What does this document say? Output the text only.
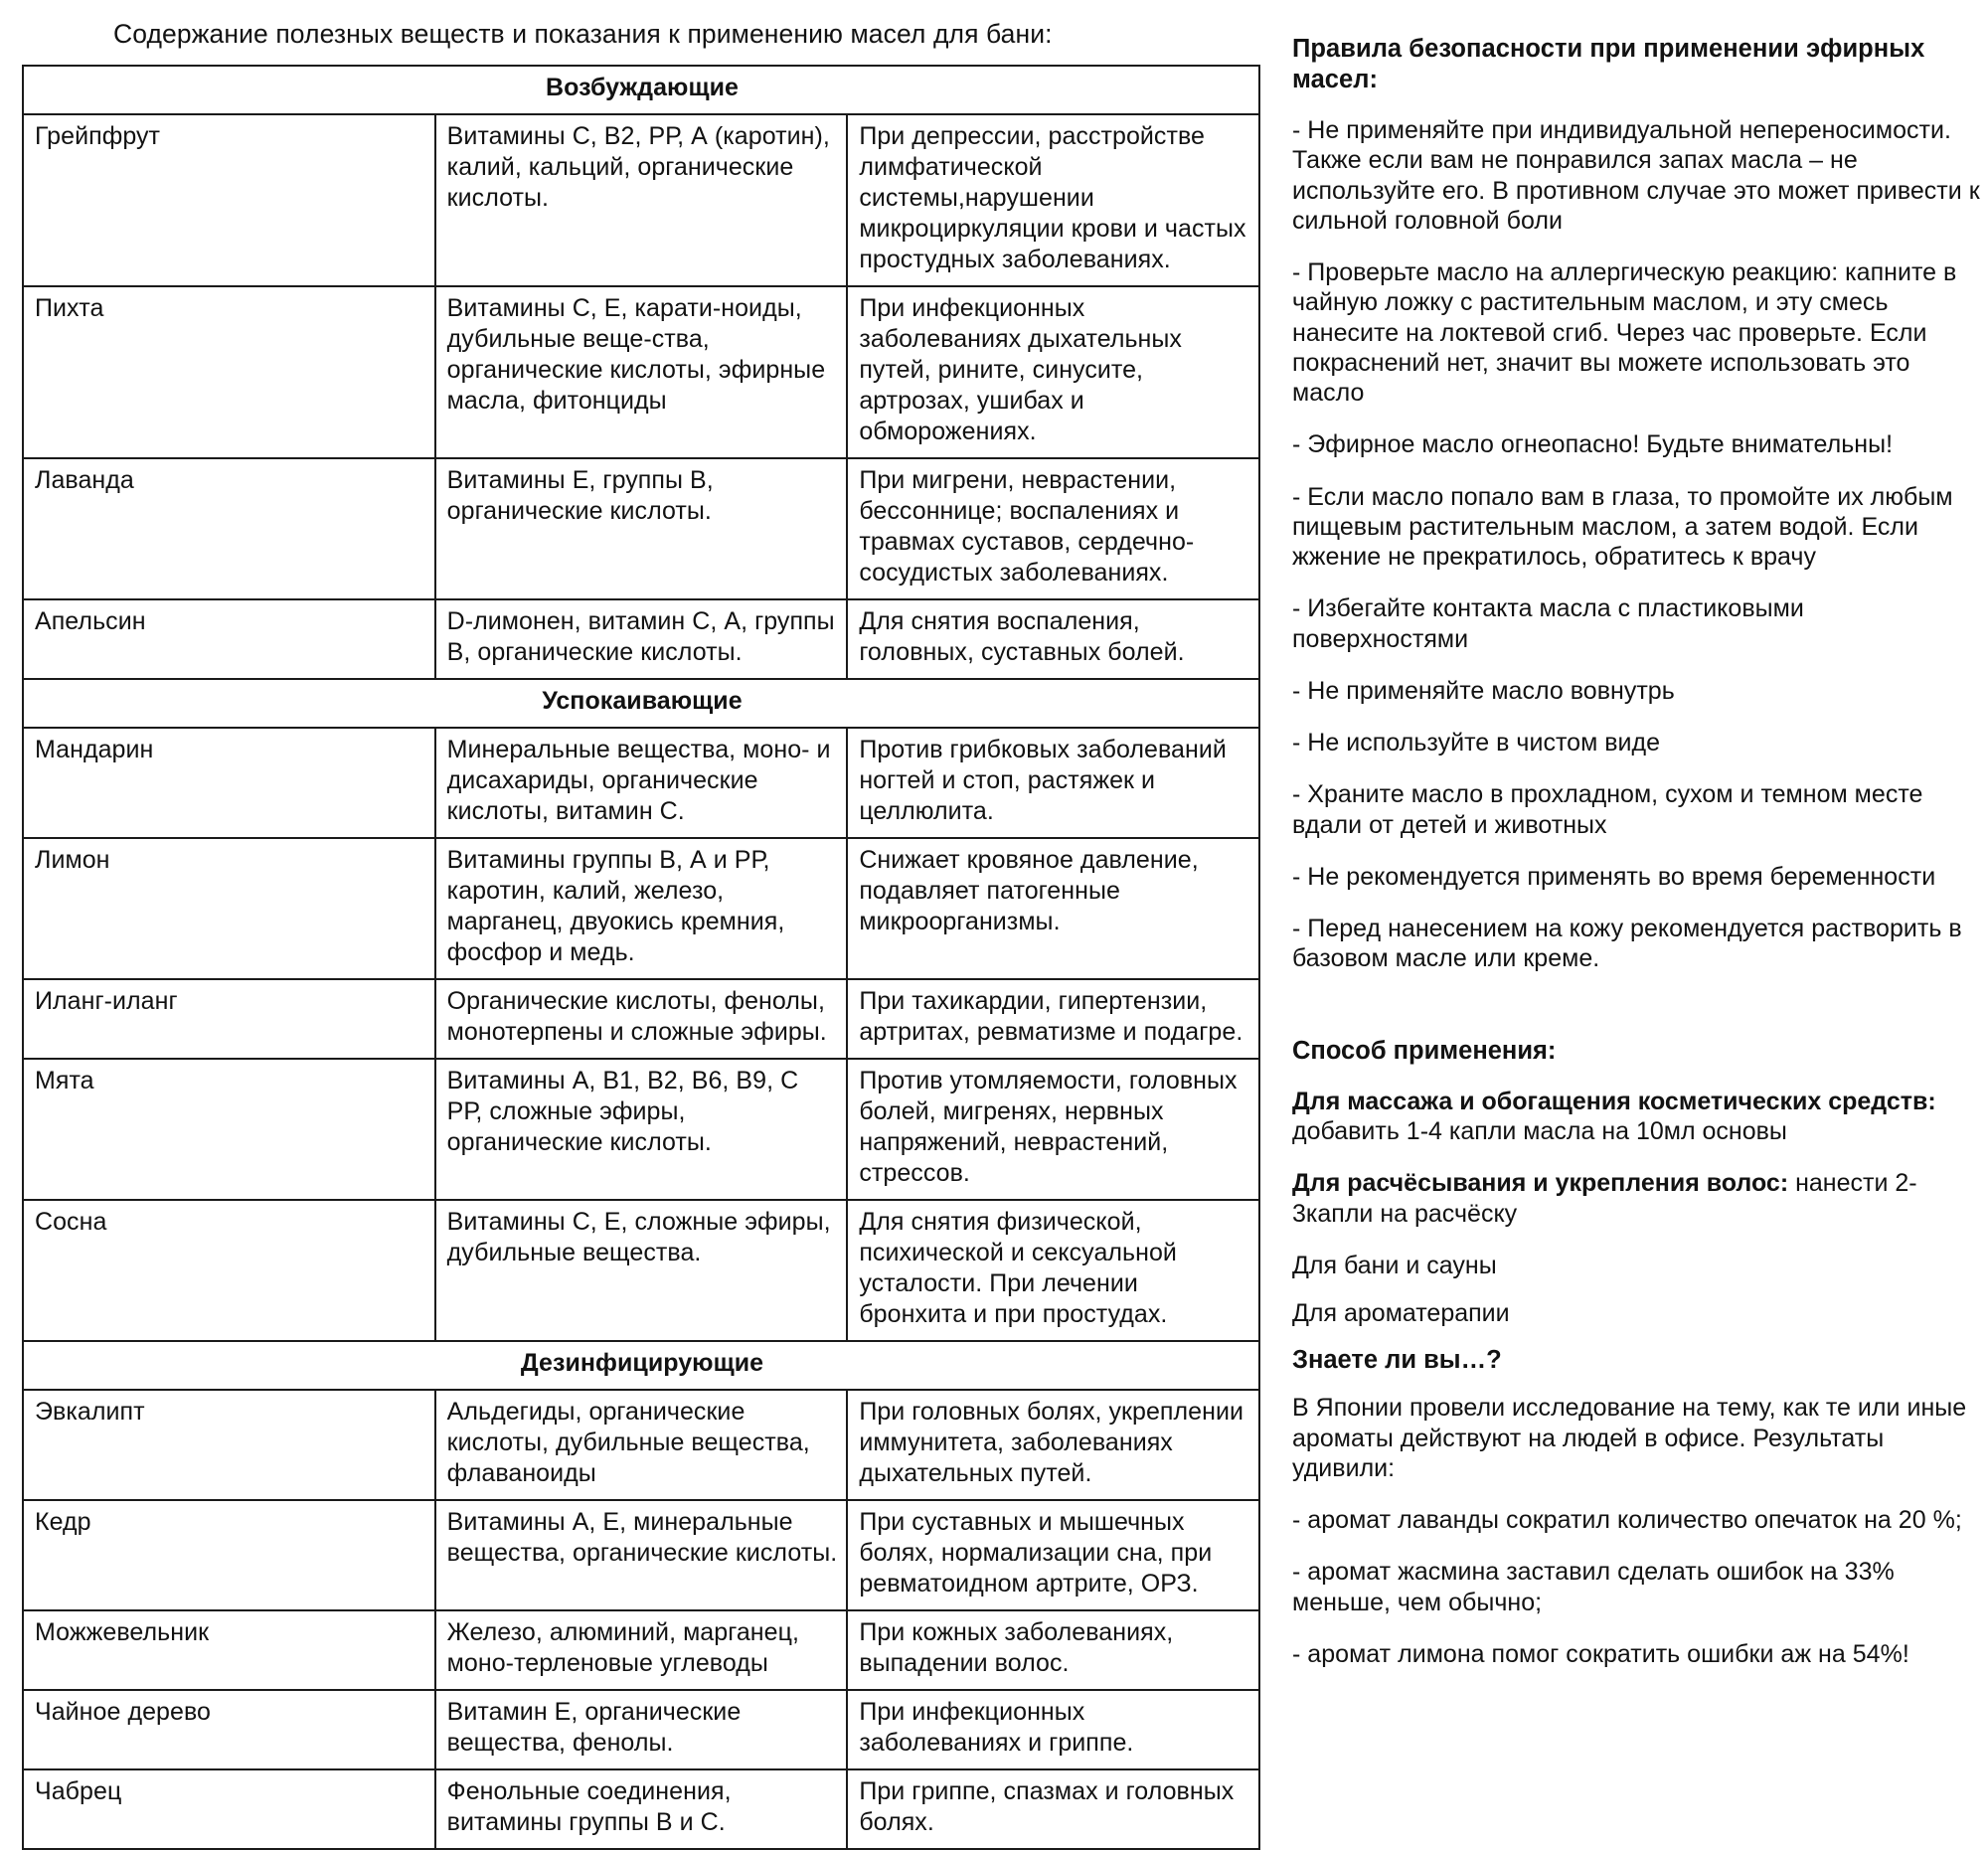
Содержание полезных веществ и показания к применению масел для бани:
Возбуждающие		
Грейпфрут	Витамины С, В2, РР, А (каротин), калий, кальций, органические кислоты.	При депрессии, расстройстве лимфатической системы,нарушении микроциркуляции крови и частых простудных заболеваниях.
Пихта	Витамины С, Е, карати-ноиды, дубильные веще-ства, органические кислоты, эфирные масла, фитонциды	При инфекционных заболеваниях дыхательных путей, рините, синусите, артрозах, ушибах и обморожениях.
Лаванда	Витамины Е, группы В, органические кислоты.	При мигрени, неврастении, бессоннице; воспалениях и травмах суставов, сердечно-сосудистых заболеваниях.
Апельсин	D-лимонен, витамин С, А, группы В, органические кислоты.	Для снятия воспаления, головных, суставных болей.
Успокаивающие		
Мандарин	Минеральные вещества, моно- и дисахариды, органические кислоты, витамин С.	Против грибковых заболеваний ногтей и стоп, растяжек и целлюлита.
Лимон	Витамины группы В, А и РР, каротин, калий, железо, марганец, двуокись кремния, фосфор и медь.	Снижает кровяное давление, подавляет патогенные микроорганизмы.
Иланг-иланг	Органические кислоты, фенолы, монотерпены и сложные эфиры.	При тахикардии, гипертензии, артритах, ревматизме и подагре.
Мята	Витамины А, В1, В2, В6, В9, С РР, сложные эфиры, органические кислоты.	Против утомляемости, головных болей, мигренях, нервных напряжений, неврастений, стрессов.
Сосна	Витамины С, Е, сложные эфиры, дубильные вещества.	Для снятия физической, психической и сексуальной усталости. При лечении бронхита и при простудах.
Дезинфицирующие		
Эвкалипт	Альдегиды, органические кислоты, дубильные вещества, флаваноиды	При головных болях, укреплении иммунитета, заболеваниях дыхательных путей.
Кедр	Витамины А, Е, минеральные вещества, органические кислоты.	При суставных и мышечных болях, нормализации сна, при ревматоидном артрите, ОРЗ.
Можжевельник	Железо, алюминий, марганец, моно-терленовые углеводы	При кожных заболеваниях, выпадении волос.
Чайное дерево	Витамин Е, органические вещества, фенолы.	При инфекционных заболеваниях и гриппе.
Чабрец	Фенольные соединения, витамины группы В и С.	При гриппе, спазмах и головных болях.
Правила безопасности при применении эфирных масел:

- Не применяйте при индивидуальной непереносимости. Также если вам не понравился запах масла – не используйте его. В противном случае это может привести к сильной головной боли

- Проверьте масло на аллергическую реакцию: капните в чайную ложку с растительным маслом, и эту смесь нанесите на локтевой сгиб. Через час проверьте. Если покраснений нет, значит вы можете использовать это масло

- Эфирное масло огнеопасно! Будьте внимательны!

- Если масло попало вам в глаза, то промойте их любым пищевым растительным маслом, а затем водой. Если жжение не прекратилось, обратитесь к врачу

- Избегайте контакта масла с пластиковыми поверхностями

- Не применяйте масло вовнутрь

- Не используйте в чистом виде

- Храните масло в прохладном, сухом и темном месте вдали от детей и животных

- Не рекомендуется применять во время беременности

- Перед нанесением на кожу рекомендуется растворить в базовом масле или креме.

Способ применения:

Для массажа и обогащения косметических средств: добавить 1-4 капли масла на 10мл основы

Для расчёсывания и укрепления волос: нанести 2-3капли на расчёску

Для бани и сауны

Для ароматерапии

Знаете ли вы…?

В Японии провели исследование на тему, как те или иные ароматы действуют на людей в офисе. Результаты удивили:

- аромат лаванды сократил количество опечаток на 20 %;

- аромат жасмина заставил сделать ошибок на 33% меньше, чем обычно;

- аромат лимона помог сократить ошибки аж на 54%!
